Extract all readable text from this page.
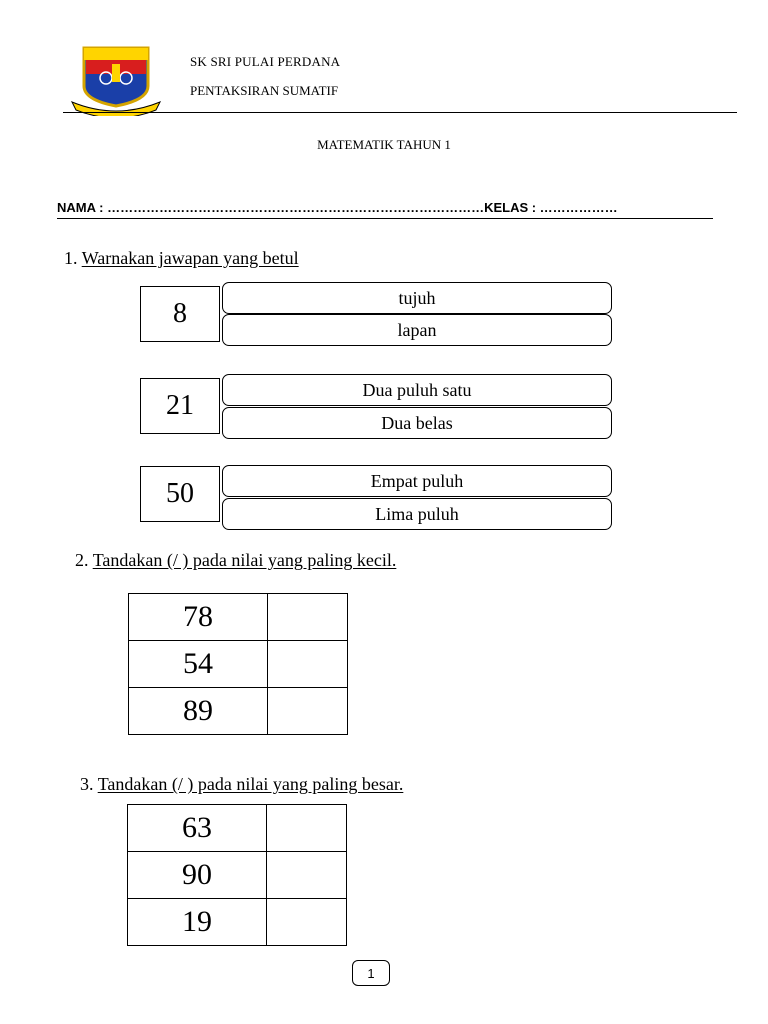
SK SRI PULAI PERDANA
PENTAKSIRAN SUMATIF
MATEMATIK TAHUN 1
NAMA : ……………………………………………………………………………KELAS : ………………
1. Warnakan jawapan yang betul
8
tujuh
lapan
21
Dua puluh satu
Dua belas
50	Empat puluh
Lima puluh
2. Tandakan (/ ) pada nilai yang paling kecil.
78	
54	
89	
3. Tandakan (/ ) pada nilai yang paling besar.
63	
90	
19	
1
